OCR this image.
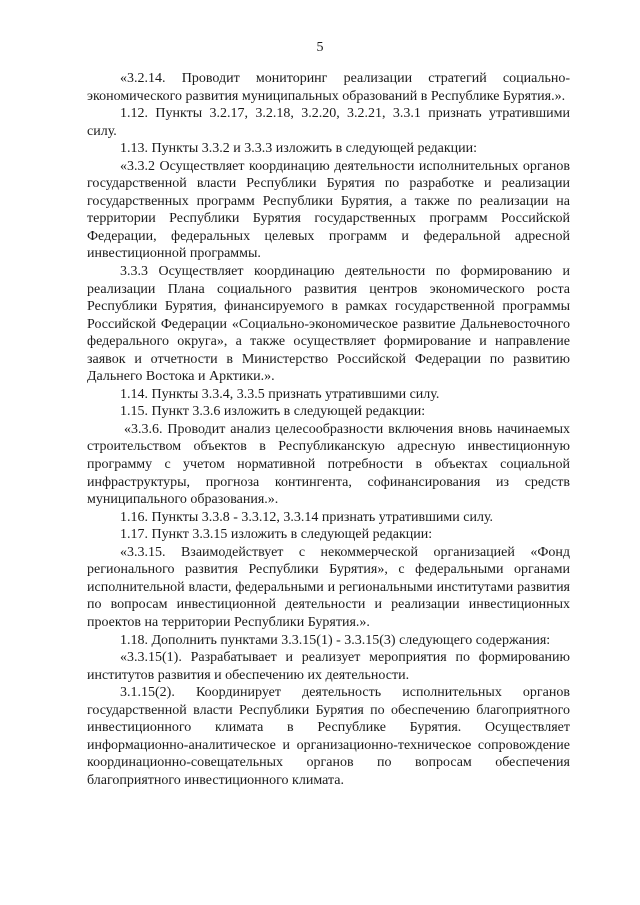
5

«3.2.14. Проводит мониторинг реализации стратегий социально-экономического развития муниципальных образований в Республике Бурятия.».

1.12. Пункты 3.2.17, 3.2.18, 3.2.20, 3.2.21, 3.3.1 признать утратившими силу.

1.13. Пункты 3.3.2 и 3.3.3 изложить в следующей редакции:

«3.3.2 Осуществляет координацию деятельности исполнительных органов государственной власти Республики Бурятия по разработке и реализации государственных программ Республики Бурятия, а также по реализации на территории Республики Бурятия государственных программ Российской Федерации, федеральных целевых программ и федеральной адресной инвестиционной программы.

3.3.3 Осуществляет координацию деятельности по формированию и реализации Плана социального развития центров экономического роста Республики Бурятия, финансируемого в рамках государственной программы Российской Федерации «Социально-экономическое развитие Дальневосточного федерального округа», а также осуществляет формирование и направление заявок и отчетности в Министерство Российской Федерации по развитию Дальнего Востока и Арктики.».

1.14. Пункты 3.3.4, 3.3.5 признать утратившими силу.

1.15. Пункт 3.3.6 изложить в следующей редакции:

«3.3.6. Проводит анализ целесообразности включения вновь начинаемых строительством объектов в Республиканскую адресную инвестиционную программу с учетом нормативной потребности в объектах социальной инфраструктуры, прогноза контингента, софинансирования из средств муниципального образования.».

1.16. Пункты 3.3.8 - 3.3.12, 3.3.14 признать утратившими силу.

1.17. Пункт 3.3.15 изложить в следующей редакции:

«3.3.15. Взаимодействует с некоммерческой организацией «Фонд регионального развития Республики Бурятия», с федеральными органами исполнительной власти, федеральными и региональными институтами развития по вопросам инвестиционной деятельности и реализации инвестиционных проектов на территории Республики Бурятия.».

1.18. Дополнить пунктами 3.3.15(1) - 3.3.15(3) следующего содержания:

«3.3.15(1). Разрабатывает и реализует мероприятия по формированию институтов развития и обеспечению их деятельности.

3.1.15(2). Координирует деятельность исполнительных органов государственной власти Республики Бурятия по обеспечению благоприятного инвестиционного климата в Республике Бурятия. Осуществляет информационно-аналитическое и организационно-техническое сопровождение координационно-совещательных органов по вопросам обеспечения благоприятного инвестиционного климата.
